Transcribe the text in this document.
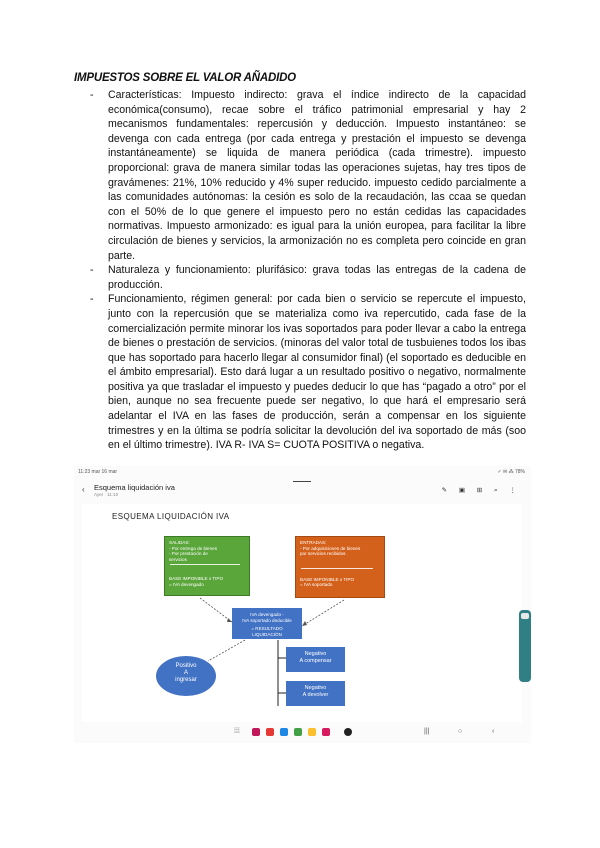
IMPUESTOS SOBRE EL VALOR AÑADIDO
- Características: Impuesto indirecto: grava el índice indirecto de la capacidad económica(consumo), recae sobre el tráfico patrimonial empresarial y hay 2 mecanismos fundamentales: repercusión y deducción. Impuesto instantáneo: se devenga con cada entrega (por cada entrega y prestación el impuesto se devenga instantáneamente) se liquida de manera periódica (cada trimestre). impuesto proporcional: grava de manera similar todas las operaciones sujetas, hay tres tipos de gravámenes: 21%, 10% reducido y 4% super reducido. impuesto cedido parcialmente a las comunidades autónomas: la cesión es solo de la recaudación, las ccaa se quedan con el 50% de lo que genere el impuesto pero no están cedidas las capacidades normativas. Impuesto armonizado: es igual para la unión europea, para facilitar la libre circulación de bienes y servicios, la armonización no es completa pero coincide en gran parte.
- Naturaleza y funcionamiento: plurifásico: grava todas las entregas de la cadena de producción.
- Funcionamiento, régimen general: por cada bien o servicio se repercute el impuesto, junto con la repercusión que se materializa como iva repercutido, cada fase de la comercialización permite minorar los ivas soportados para poder llevar a cabo la entrega de bienes o prestación de servicios. (minoras del valor total de tusbuienes todos los ibas que has soportado para hacerlo llegar al consumidor final) (el soportado es deducible en el ámbito empresarial). Esto dará lugar a un resultado positivo o negativo, normalmente positiva ya que trasladar el impuesto y puedes deducir lo que has “pagado a otro” por el bien, aunque no sea frecuente puede ser negativo, lo que hará el empresario será adelantar el IVA en las fases de producción, serán a compensar en los siguiente trimestres y en la última se podría solicitar la devolución del iva soportado de más (soo en el último trimestre). IVA R- IVA S= CUOTA POSITIVA o negativa.
11:23 mar 16 mar	✓ ✉ ⁂ 78%
‹ Esquema liquidación iva
Ayer · 11:10
✎ ▣ ⊞ ⌕ ⋮
ESQUEMA LIQUIDACIÓN IVA
SALIDAS:
- Por entrega de bienes
- Por prestación de
servicios
BASE IMPONIBLE x TIPO
= IVA devengado
ENTRADAS:
- Por adquisiciones de bienes
por servicios recibidos
BASE IMPONIBLE x TIPO
= IVA soportado
IVA devengado -
IVA soportado deducible
= RESULTADO LIQUIDACIÓN
Positivo
A
ingresar
Negativo
A compensar
Negativo
A devolver
⁞⁞⁞	|||	○	‹
